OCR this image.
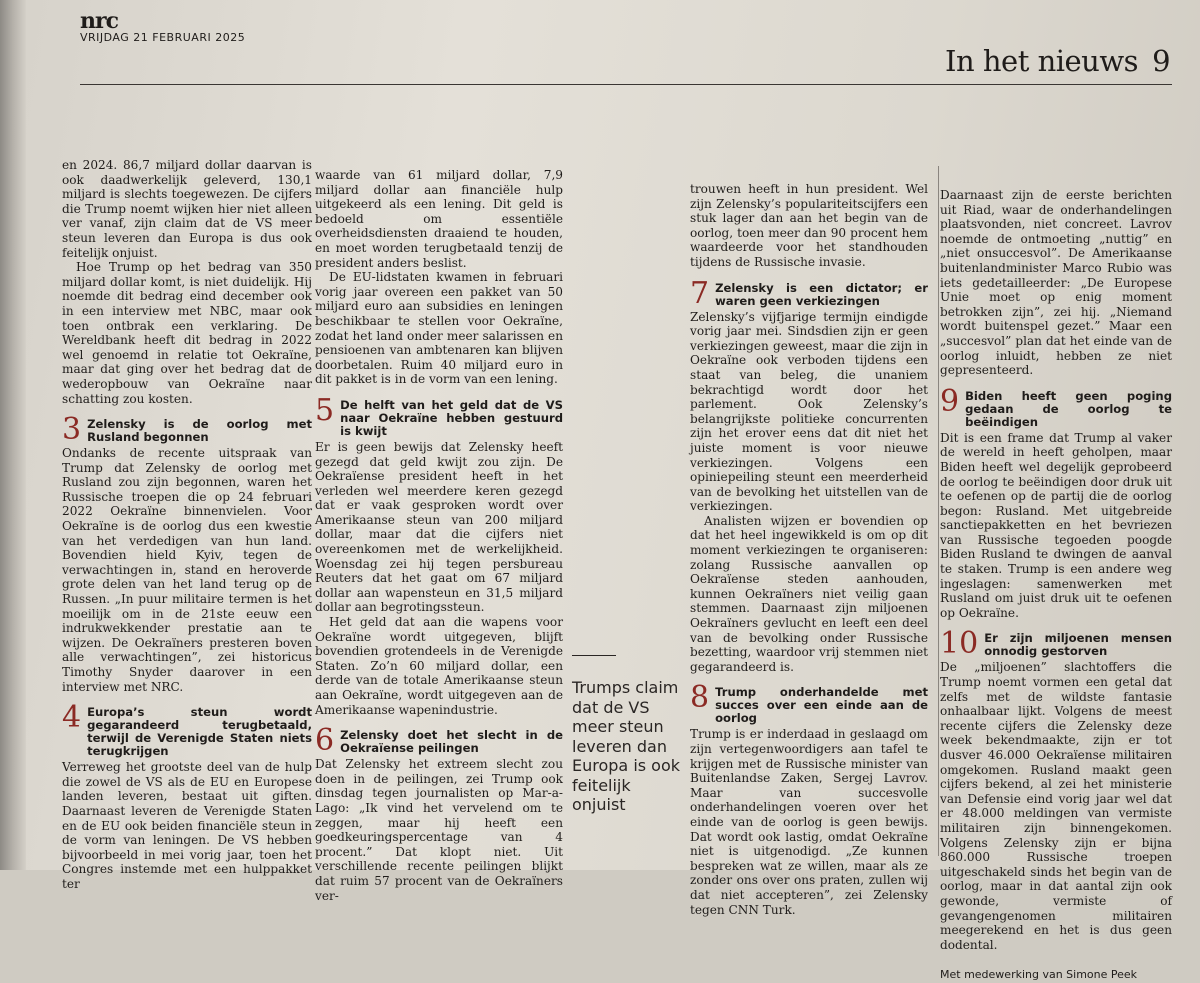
nrc
VRIJDAG 21 FEBRUARI 2025
In het nieuws 9

en 2024. 86,7 miljard dollar daarvan is ook daadwerkelijk geleverd, 130,1 miljard is slechts toegewezen. De cijfers die Trump noemt wijken hier niet alleen ver vanaf, zijn claim dat de VS meer steun leveren dan Europa is dus ook feitelijk onjuist.

Hoe Trump op het bedrag van 350 miljard dollar komt, is niet duidelijk. Hij noemde dit bedrag eind december ook in een interview met NBC, maar ook toen ontbrak een verklaring. De Wereldbank heeft dit bedrag in 2022 wel genoemd in relatie tot Oekraïne, maar dat ging over het bedrag dat de wederopbouw van Oekraïne naar schatting zou kosten.

3 Zelensky is de oorlog met Rusland begonnen

Ondanks de recente uitspraak van Trump dat Zelensky de oorlog met Rusland zou zijn begonnen, waren het Russische troepen die op 24 februari 2022 Oekraïne binnenvielen. Voor Oekraïne is de oorlog dus een kwestie van het verdedigen van hun land. Bovendien hield Kyiv, tegen de verwachtingen in, stand en heroverde grote delen van het land terug op de Russen. „In puur militaire termen is het moeilijk om in de 21ste eeuw een indrukwekkender prestatie aan te wijzen. De Oekraïners presteren boven alle verwachtingen”, zei historicus Timothy Snyder daarover in een interview met NRC.

4 Europa’s steun wordt gegarandeerd terugbetaald, terwijl de Verenigde Staten niets terugkrijgen

Verreweg het grootste deel van de hulp die zowel de VS als de EU en Europese landen leveren, bestaat uit giften. Daarnaast leveren de Verenigde Staten en de EU ook beiden financiële steun in de vorm van leningen. De VS hebben bijvoorbeeld in mei vorig jaar, toen het Congres instemde met een hulppakket ter

waarde van 61 miljard dollar, 7,9 miljard dollar aan financiële hulp uitgekeerd als een lening. Dit geld is bedoeld om essentiële overheidsdiensten draaiend te houden, en moet worden terugbetaald tenzij de president anders beslist.

De EU-lidstaten kwamen in februari vorig jaar overeen een pakket van 50 miljard euro aan subsidies en leningen beschikbaar te stellen voor Oekraïne, zodat het land onder meer salarissen en pensioenen van ambtenaren kan blijven doorbetalen. Ruim 40 miljard euro in dit pakket is in de vorm van een lening.

5 De helft van het geld dat de VS naar Oekraïne hebben gestuurd is kwijt

Er is geen bewijs dat Zelensky heeft gezegd dat geld kwijt zou zijn. De Oekraïense president heeft in het verleden wel meerdere keren gezegd dat er vaak gesproken wordt over Amerikaanse steun van 200 miljard dollar, maar dat die cijfers niet overeenkomen met de werkelijkheid. Woensdag zei hij tegen persbureau Reuters dat het gaat om 67 miljard dollar aan wapensteun en 31,5 miljard dollar aan begrotingssteun.

Het geld dat aan die wapens voor Oekraïne wordt uitgegeven, blijft bovendien grotendeels in de Verenigde Staten. Zo’n 60 miljard dollar, een derde van de totale Amerikaanse steun aan Oekraïne, wordt uitgegeven aan de Amerikaanse wapenindustrie.

6 Zelensky doet het slecht in de Oekraïense peilingen

Dat Zelensky het extreem slecht zou doen in de peilingen, zei Trump ook dinsdag tegen journalisten op Mar-a-Lago: „Ik vind het vervelend om te zeggen, maar hij heeft een goedkeuringspercentage van 4 procent.” Dat klopt niet. Uit verschillende recente peilingen blijkt dat ruim 57 procent van de Oekraïners ver-

Trumps claim dat de VS meer steun leveren dan Europa is ook feitelijk onjuist

trouwen heeft in hun president. Wel zijn Zelensky’s populariteitscijfers een stuk lager dan aan het begin van de oorlog, toen meer dan 90 procent hem waardeerde voor het standhouden tijdens de Russische invasie.

7 Zelensky is een dictator; er waren geen verkiezingen

Zelensky’s vijfjarige termijn eindigde vorig jaar mei. Sindsdien zijn er geen verkiezingen geweest, maar die zijn in Oekraïne ook verboden tijdens een staat van beleg, die unaniem bekrachtigd wordt door het parlement. Ook Zelensky’s belangrijkste politieke concurrenten zijn het erover eens dat dit niet het juiste moment is voor nieuwe verkiezingen. Volgens een opiniepeiling steunt een meerderheid van de bevolking het uitstellen van de verkiezingen.

Analisten wijzen er bovendien op dat het heel ingewikkeld is om op dit moment verkiezingen te organiseren: zolang Russische aanvallen op Oekraïense steden aanhouden, kunnen Oekraïners niet veilig gaan stemmen. Daarnaast zijn miljoenen Oekraïners gevlucht en leeft een deel van de bevolking onder Russische bezetting, waardoor vrij stemmen niet gegarandeerd is.

8 Trump onderhandelde met succes over een einde aan de oorlog

Trump is er inderdaad in geslaagd om zijn vertegenwoordigers aan tafel te krijgen met de Russische minister van Buitenlandse Zaken, Sergej Lavrov. Maar van succesvolle onderhandelingen voeren over het einde van de oorlog is geen bewijs. Dat wordt ook lastig, omdat Oekraïne niet is uitgenodigd. „Ze kunnen bespreken wat ze willen, maar als ze zonder ons over ons praten, zullen wij dat niet accepteren”, zei Zelensky tegen CNN Turk.

Daarnaast zijn de eerste berichten uit Riad, waar de onderhandelingen plaatsvonden, niet concreet. Lavrov noemde de ontmoeting „nuttig” en „niet onsuccesvol”. De Amerikaanse buitenlandminister Marco Rubio was iets gedetailleerder: „De Europese Unie moet op enig moment betrokken zijn”, zei hij. „Niemand wordt buitenspel gezet.” Maar een „succesvol” plan dat het einde van de oorlog inluidt, hebben ze niet gepresenteerd.

9 Biden heeft geen poging gedaan de oorlog te beëindigen

Dit is een frame dat Trump al vaker de wereld in heeft geholpen, maar Biden heeft wel degelijk geprobeerd de oorlog te beëindigen door druk uit te oefenen op de partij die de oorlog begon: Rusland. Met uitgebreide sanctiepakketten en het bevriezen van Russische tegoeden poogde Biden Rusland te dwingen de aanval te staken. Trump is een andere weg ingeslagen: samenwerken met Rusland om juist druk uit te oefenen op Oekraïne.

10 Er zijn miljoenen mensen onnodig gestorven

De „miljoenen” slachtoffers die Trump noemt vormen een getal dat zelfs met de wildste fantasie onhaalbaar lijkt. Volgens de meest recente cijfers die Zelensky deze week bekendmaakte, zijn er tot dusver 46.000 Oekraïense militairen omgekomen. Rusland maakt geen cijfers bekend, al zei het ministerie van Defensie eind vorig jaar wel dat er 48.000 meldingen van vermiste militairen zijn binnengekomen. Volgens Zelensky zijn er bijna 860.000 Russische troepen uitgeschakeld sinds het begin van de oorlog, maar in dat aantal zijn ook gewonde, vermiste of gevangengenomen militairen meegerekend en het is dus geen dodental.

Met medewerking van Simone Peek
